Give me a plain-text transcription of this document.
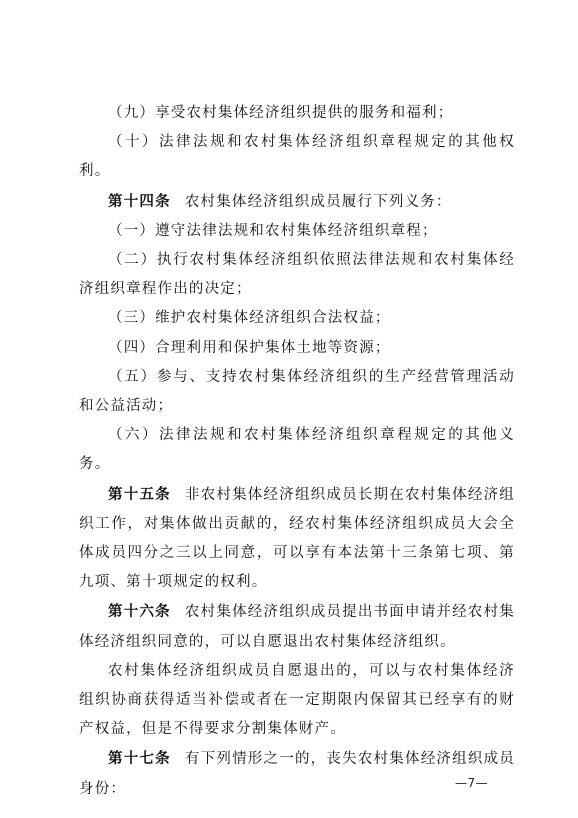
（九）享受农村集体经济组织提供的服务和福利；

（十）法律法规和农村集体经济组织章程规定的其他权利。

第十四条 农村集体经济组织成员履行下列义务：

（一）遵守法律法规和农村集体经济组织章程；

（二）执行农村集体经济组织依照法律法规和农村集体经济组织章程作出的决定；

（三）维护农村集体经济组织合法权益；

（四）合理利用和保护集体土地等资源；

（五）参与、支持农村集体经济组织的生产经营管理活动和公益活动；

（六）法律法规和农村集体经济组织章程规定的其他义务。

第十五条 非农村集体经济组织成员长期在农村集体经济组织工作，对集体做出贡献的，经农村集体经济组织成员大会全体成员四分之三以上同意，可以享有本法第十三条第七项、第九项、第十项规定的权利。

第十六条 农村集体经济组织成员提出书面申请并经农村集体经济组织同意的，可以自愿退出农村集体经济组织。

农村集体经济组织成员自愿退出的，可以与农村集体经济组织协商获得适当补偿或者在一定期限内保留其已经享有的财产权益，但是不得要求分割集体财产。

第十七条 有下列情形之一的，丧失农村集体经济组织成员身份：	—7—
